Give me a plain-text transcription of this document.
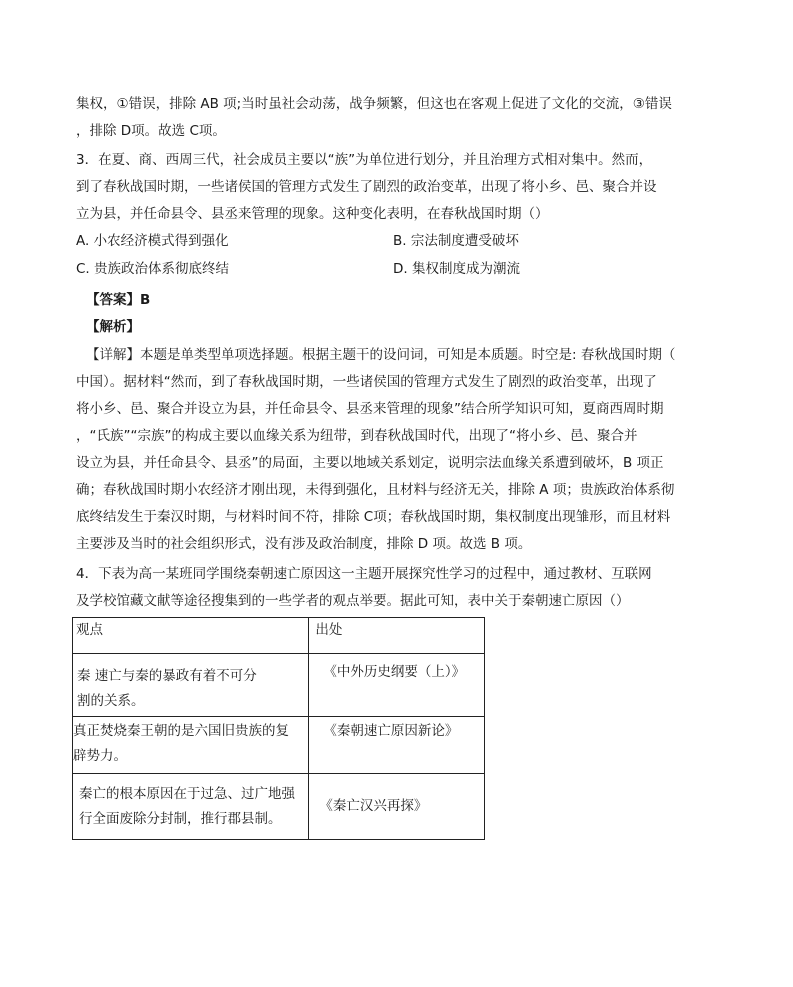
集权，①错误，排除 AB 项;当时虽社会动荡，战争频繁，但这也在客观上促进了文化的交流，③错误
，排除 D项。故选 C项。
3．在夏、商、西周三代，社会成员主要以“族”为单位进行划分，并且治理方式相对集中。然而，
到了春秋战国时期，一些诸侯国的管理方式发生了剧烈的政治变革，出现了将小乡、邑、聚合并设
立为县，并任命县令、县丞来管理的现象。这种变化表明，在春秋战国时期（）
A. 小农经济模式得到强化	B. 宗法制度遭受破坏
C. 贵族政治体系彻底终结	D. 集权制度成为潮流
【答案】B
【解析】
【详解】本题是单类型单项选择题。根据主题干的设问词，可知是本质题。时空是: 春秋战国时期（
中国）。据材料“然而，到了春秋战国时期，一些诸侯国的管理方式发生了剧烈的政治变革，出现了
将小乡、邑、聚合并设立为县，并任命县令、县丞来管理的现象”结合所学知识可知，夏商西周时期
，“氏族”“宗族”的构成主要以血缘关系为纽带，到春秋战国时代，出现了“将小乡、邑、聚合并
设立为县，并任命县令、县丞”的局面，主要以地域关系划定，说明宗法血缘关系遭到破坏，B 项正
确；春秋战国时期小农经济才刚出现，未得到强化，且材料与经济无关，排除 A 项；贵族政治体系彻
底终结发生于秦汉时期，与材料时间不符，排除 C项；春秋战国时期，集权制度出现雏形，而且材料
主要涉及当时的社会组织形式，没有涉及政治制度，排除 D 项。故选 B 项。
4．下表为高一某班同学围绕秦朝速亡原因这一主题开展探究性学习的过程中，通过教材、互联网
及学校馆藏文献等途径搜集到的一些学者的观点举要。据此可知，表中关于秦朝速亡原因（）
观点	出处

秦 速亡与秦的暴政有着不可分
割的关系。	《中外历史纲要（上）》

真正焚烧秦王朝的是六国旧贵族的复
辟势力。	《秦朝速亡原因新论》

秦亡的根本原因在于过急、过广地强
行全面废除分封制，推行郡县制。	《秦亡汉兴再探》
